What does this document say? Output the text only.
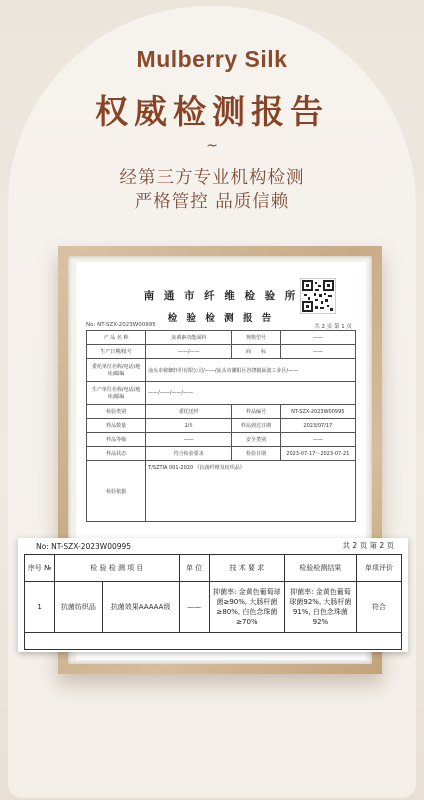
Mulberry Silk
权威检测报告
~
经第三方专业机构检测
严格管控 品质信赖
南 通 市 纤 维 检 验 所
检 验 检 测 报 告
No: NT-SZX-2023W00995	共 2 页 第 1 页
产 品 名 称	灰调素功能面料	规格型号	——
生产日期/批号	——/——	商　　标	——
委托单位名称/电话/地址/邮编	汕头市铭御轩织有限公司/——/汕头市潮阳区谷饶镇仙波工业区/——		
生产单位名称/电话/地址/邮编	——/——/——/——		
检验类别	委托送样	样品编号	NT-SZX-2023W00995
样品数量	1块	样品到达日期	2023/07/17
样品等级	——	安全类别	——
样品状态	符合检验要求	检验日期	2023-07-17～2023-07-21
检验依据	T/SZTIA 001-2020 《抗菌纤维及纺织品》		
No: NT-SZX-2023W00995	共 2 页 第 2 页
序号 №	检 验 检 测 项 目		单 位	技 术 要 求	检验检测结果	单项评价
1	抗菌纺织品	抗菌效果AAAAA级	——	抑菌率: 金黄色葡萄球菌≥90%, 大肠杆菌≥80%, 白色念珠菌≥70%	抑菌率: 金黄色葡萄球菌92%, 大肠杆菌91%, 白色念珠菌92%	符合
